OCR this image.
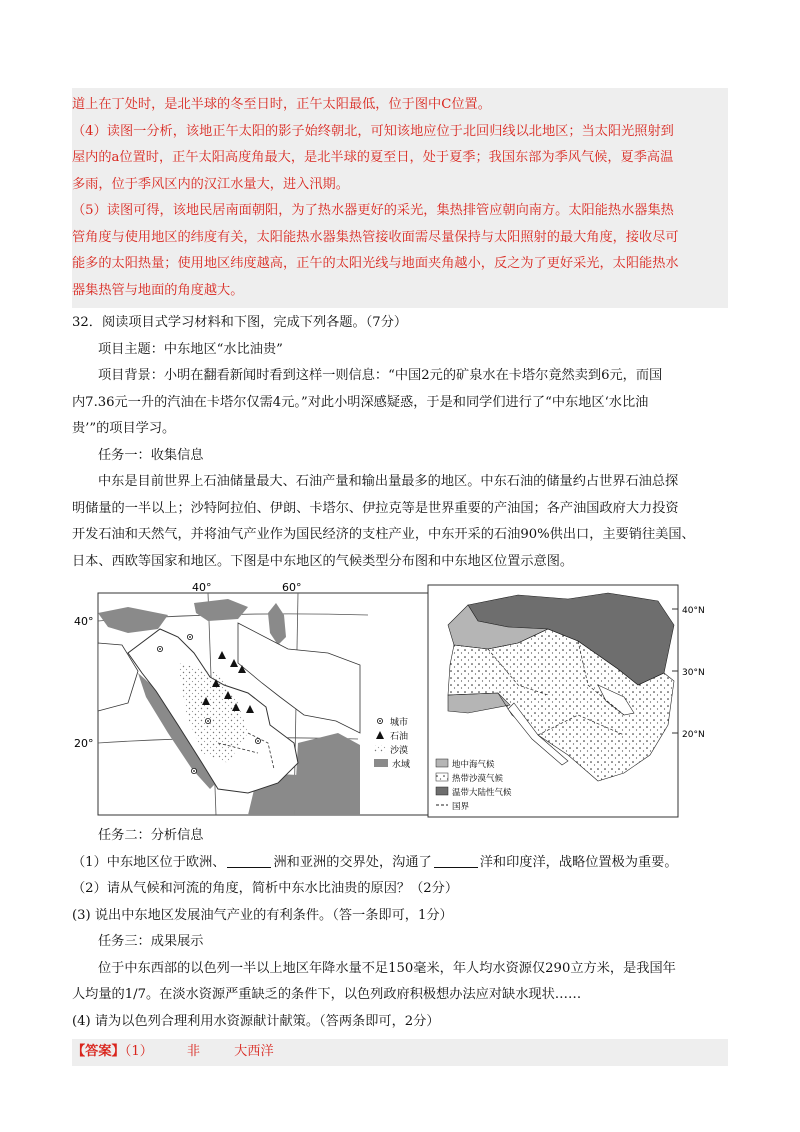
道上在丁处时，是北半球的冬至日时，正午太阳最低，位于图中C位置。
（4）读图一分析，该地正午太阳的影子始终朝北，可知该地应位于北回归线以北地区；当太阳光照射到
屋内的a位置时，正午太阳高度角最大，是北半球的夏至日，处于夏季；我国东部为季风气候，夏季高温
多雨，位于季风区内的汉江水量大，进入汛期。
（5）读图可得，该地民居南面朝阳，为了热水器更好的采光，集热排管应朝向南方。太阳能热水器集热
管角度与使用地区的纬度有关，太阳能热水器集热管接收面需尽量保持与太阳照射的最大角度，接收尽可
能多的太阳热量；使用地区纬度越高，正午的太阳光线与地面夹角越小，反之为了更好采光，太阳能热水
器集热管与地面的角度越大。
32．阅读项目式学习材料和下图，完成下列各题。（7分）
项目主题：中东地区“水比油贵”
项目背景：小明在翻看新闻时看到这样一则信息：“中国2元的矿泉水在卡塔尔竟然卖到6元，而国
内7.36元一升的汽油在卡塔尔仅需4元。”对此小明深感疑惑，于是和同学们进行了“中东地区‘水比油
贵’”的项目学习。
任务一：收集信息
中东是目前世界上石油储量最大、石油产量和输出量最多的地区。中东石油的储量约占世界石油总探
明储量的一半以上；沙特阿拉伯、伊朗、卡塔尔、伊拉克等是世界重要的产油国；各产油国政府大力投资
开发石油和天然气，并将油气产业作为国民经济的支柱产业，中东开采的石油90%供出口，主要销往美国、
日本、西欧等国家和地区。下图是中东地区的气候类型分布图和中东地区位置示意图。
40°	60°
40°
20°
城市
石油
沙漠
水域
40°N
30°N
20°N
地中海气候
热带沙漠气候
温带大陆性气候
国界
任务二：分析信息
（1）中东地区位于欧洲、	洲和亚洲的交界处，沟通了	洋和印度洋，战略位置极为重要。
（2）请从气候和河流的角度，简析中东水比油贵的原因？（2分）
(3) 说出中东地区发展油气产业的有利条件。（答一条即可，1分）
任务三：成果展示
位于中东西部的以色列一半以上地区年降水量不足150毫米，年人均水资源仅290立方米，是我国年
人均量的1/7。在淡水资源严重缺乏的条件下，以色列政府积极想办法应对缺水现状……
(4) 请为以色列合理利用水资源献计献策。（答两条即可，2分）
【答案】（1）	非	大西洋
